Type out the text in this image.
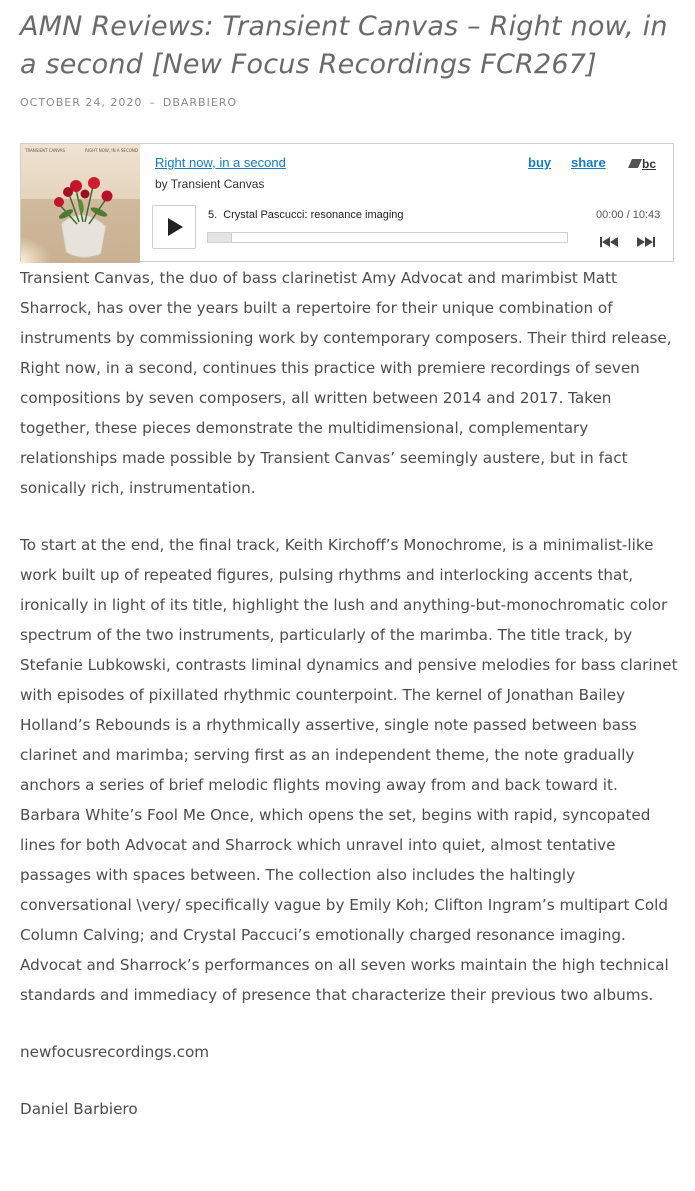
AMN Reviews: Transient Canvas – Right now, in a second [New Focus Recordings FCR267]
OCTOBER 24, 2020 – DBARBIERO
TRANSIENT CANVAS	RIGHT NOW, IN A SECOND
Right now, in a second
by Transient Canvas
buy share	bc
5. Crystal Pascucci: resonance imaging	00:00 / 10:43

Transient Canvas, the duo of bass clarinetist Amy Advocat and marimbist Matt Sharrock, has over the years built a repertoire for their unique combination of instruments by commissioning work by contemporary composers. Their third release, Right now, in a second, continues this practice with premiere recordings of seven compositions by seven composers, all written between 2014 and 2017. Taken together, these pieces demonstrate the multidimensional, complementary relationships made possible by Transient Canvas’ seemingly austere, but in fact sonically rich, instrumentation.

To start at the end, the final track, Keith Kirchoff’s Monochrome, is a minimalist-like work built up of repeated figures, pulsing rhythms and interlocking accents that, ironically in light of its title, highlight the lush and anything-but-monochromatic color spectrum of the two instruments, particularly of the marimba. The title track, by Stefanie Lubkowski, contrasts liminal dynamics and pensive melodies for bass clarinet with episodes of pixillated rhythmic counterpoint. The kernel of Jonathan Bailey Holland’s Rebounds is a rhythmically assertive, single note passed between bass clarinet and marimba; serving first as an independent theme, the note gradually anchors a series of brief melodic flights moving away from and back toward it. Barbara White’s Fool Me Once, which opens the set, begins with rapid, syncopated lines for both Advocat and Sharrock which unravel into quiet, almost tentative passages with spaces between. The collection also includes the haltingly conversational \very/ specifically vague by Emily Koh; Clifton Ingram’s multipart Cold Column Calving; and Crystal Paccuci’s emotionally charged resonance imaging. Advocat and Sharrock’s performances on all seven works maintain the high technical standards and immediacy of presence that characterize their previous two albums.

newfocusrecordings.com

Daniel Barbiero
